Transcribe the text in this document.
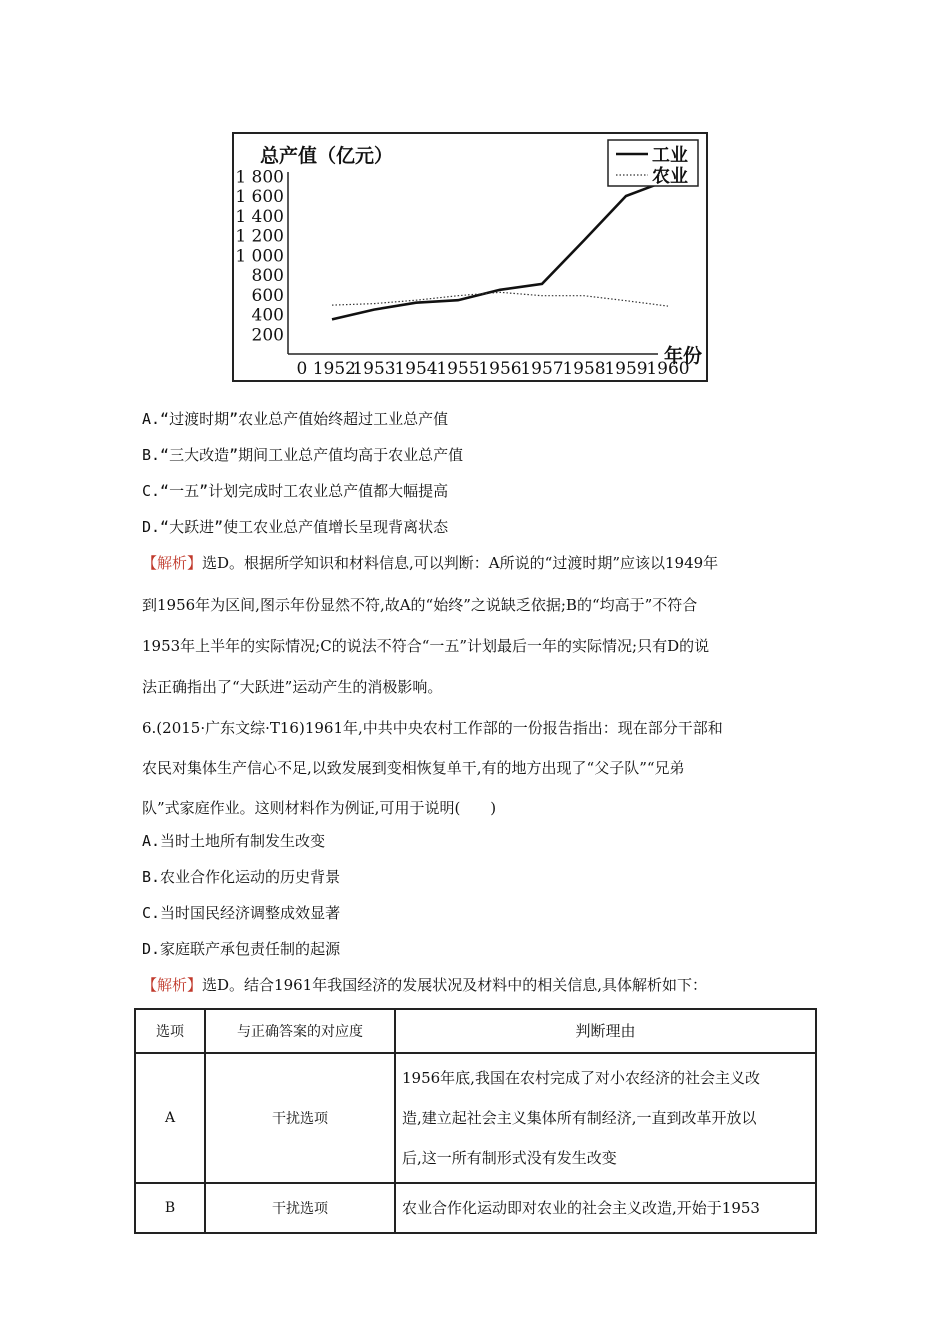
总产值（亿元）
200
400
600
800
1 000
1 200
1 400
1 600
1 800
0 1952
1953
1954
1955
1956
1957
1958
1959
1960
年份
工业
农业
A.“过渡时期”农业总产值始终超过工业总产值
B.“三大改造”期间工业总产值均高于农业总产值
C.“一五”计划完成时工农业总产值都大幅提高
D.“大跃进”使工农业总产值增长呈现背离状态
【解析】选D。根据所学知识和材料信息,可以判断：A所说的“过渡时期”应该以1949年
到1956年为区间,图示年份显然不符,故A的“始终”之说缺乏依据;B的“均高于”不符合
1953年上半年的实际情况;C的说法不符合“一五”计划最后一年的实际情况;只有D的说
法正确指出了“大跃进”运动产生的消极影响。
6.(2015·广东文综·T16)1961年,中共中央农村工作部的一份报告指出：现在部分干部和
农民对集体生产信心不足,以致发展到变相恢复单干,有的地方出现了“父子队”“兄弟
队”式家庭作业。这则材料作为例证,可用于说明(　　)
A.当时土地所有制发生改变
B.农业合作化运动的历史背景
C.当时国民经济调整成效显著
D.家庭联产承包责任制的起源
【解析】选D。结合1961年我国经济的发展状况及材料中的相关信息,具体解析如下：
选项	与正确答案的对应度	判断理由
A	干扰选项	1956年底,我国在农村完成了对小农经济的社会主义改
造,建立起社会主义集体所有制经济,一直到改革开放以
后,这一所有制形式没有发生改变

B	干扰选项	农业合作化运动即对农业的社会主义改造,开始于1953
